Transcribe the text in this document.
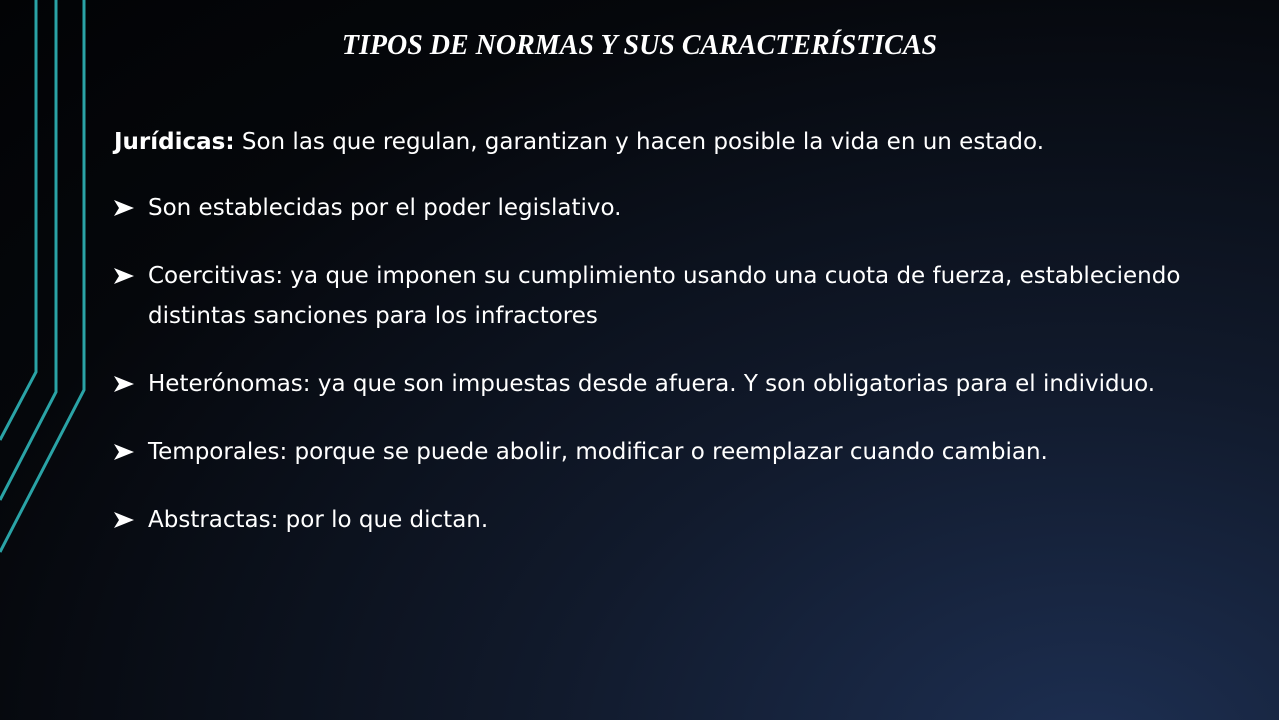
TIPOS DE NORMAS Y SUS CARACTERÍSTICAS

Jurídicas: Son las que regulan, garantizan y hacen posible la vida en un estado.

Son establecidas por el poder legislativo.
Coercitivas: ya que imponen su cumplimiento usando una cuota de fuerza, estableciendo distintas sanciones para los infractores
Heterónomas: ya que son impuestas desde afuera. Y son obligatorias para el individuo.
Temporales: porque se puede abolir, modificar o reemplazar cuando cambian.
Abstractas: por lo que dictan.
